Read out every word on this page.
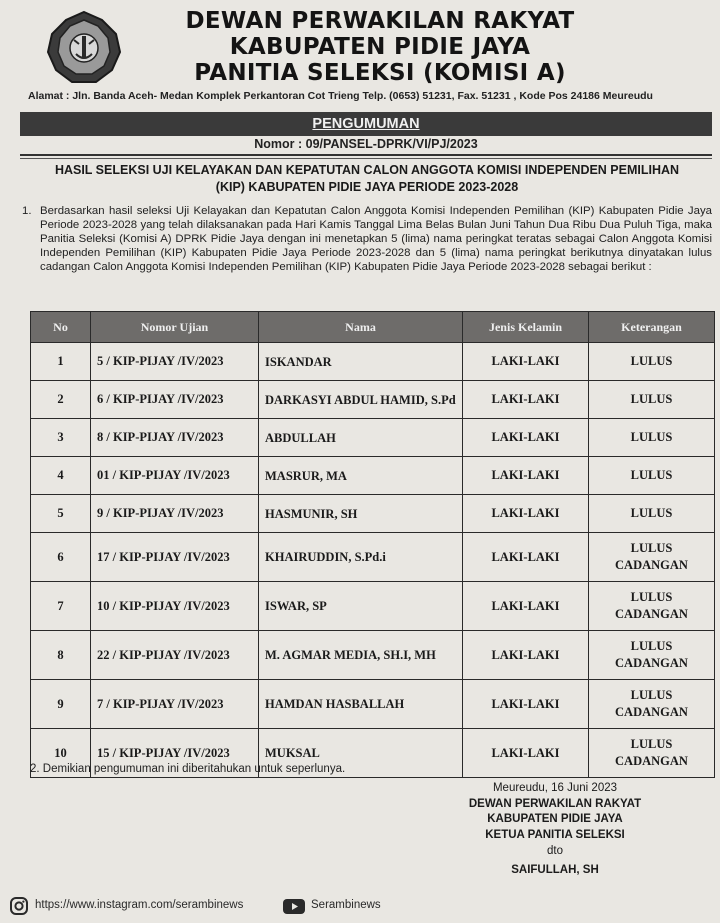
DEWAN PERWAKILAN RAKYAT
KABUPATEN PIDIE JAYA
PANITIA SELEKSI (KOMISI A)
Alamat : Jln. Banda Aceh- Medan Komplek Perkantoran Cot Trieng Telp. (0653) 51231, Fax. 51231 , Kode Pos 24186 Meureudu
PENGUMUMAN
Nomor : 09/PANSEL-DPRK/VI/PJ/2023
HASIL SELEKSI UJI KELAYAKAN DAN KEPATUTAN CALON ANGGOTA KOMISI INDEPENDEN PEMILIHAN
(KIP) KABUPATEN PIDIE JAYA PERIODE 2023-2028
1. Berdasarkan hasil seleksi Uji Kelayakan dan Kepatutan Calon Anggota Komisi Independen Pemilihan (KIP) Kabupaten Pidie Jaya Periode 2023-2028 yang telah dilaksanakan pada Hari Kamis Tanggal Lima Belas Bulan Juni Tahun Dua Ribu Dua Puluh Tiga, maka Panitia Seleksi (Komisi A) DPRK Pidie Jaya dengan ini menetapkan 5 (lima) nama peringkat teratas sebagai Calon Anggota Komisi Independen Pemilihan (KIP) Kabupaten Pidie Jaya Periode 2023-2028 dan 5 (lima) nama peringkat berikutnya dinyatakan lulus cadangan Calon Anggota Komisi Independen Pemilihan (KIP) Kabupaten Pidie Jaya Periode 2023-2028 sebagai berikut :
No	Nomor Ujian	Nama	Jenis Kelamin	Keterangan
1	5 / KIP-PIJAY /IV/2023	ISKANDAR	LAKI-LAKI	LULUS

2	6 / KIP-PIJAY /IV/2023	DARKASYI ABDUL HAMID, S.Pd	LAKI-LAKI	LULUS

3	8 / KIP-PIJAY /IV/2023	ABDULLAH	LAKI-LAKI	LULUS

4	01 / KIP-PIJAY /IV/2023	MASRUR, MA	LAKI-LAKI	LULUS

5	9 / KIP-PIJAY /IV/2023	HASMUNIR, SH	LAKI-LAKI	LULUS

6	17 / KIP-PIJAY /IV/2023	KHAIRUDDIN, S.Pd.i	LAKI-LAKI	LULUS
CADANGAN

7	10 / KIP-PIJAY /IV/2023	ISWAR, SP	LAKI-LAKI	LULUS
CADANGAN

8	22 / KIP-PIJAY /IV/2023	M. AGMAR MEDIA, SH.I, MH	LAKI-LAKI	LULUS
CADANGAN

9	7 / KIP-PIJAY /IV/2023	HAMDAN HASBALLAH	LAKI-LAKI	LULUS
CADANGAN

10	15 / KIP-PIJAY /IV/2023	MUKSAL	LAKI-LAKI	LULUS
CADANGAN
2. Demikian pengumuman ini diberitahukan untuk seperlunya.
Meureudu, 16 Juni 2023
DEWAN PERWAKILAN RAKYAT
KABUPATEN PIDIE JAYA
KETUA PANITIA SELEKSI
dto
SAIFULLAH, SH
https://www.instagram.com/serambinews	Serambinews
